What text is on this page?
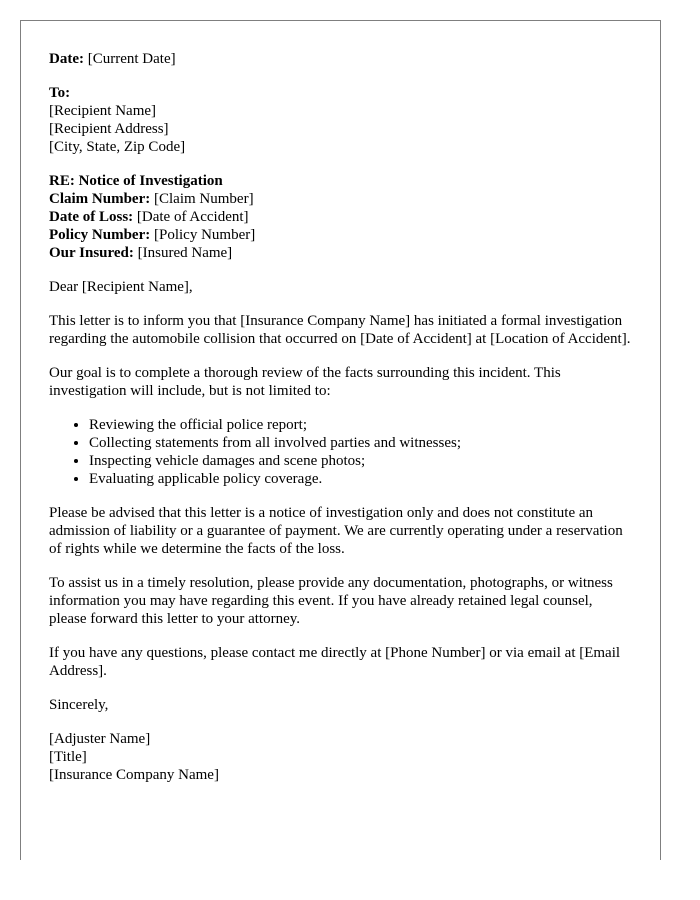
Date: [Current Date]
To:
[Recipient Name]
[Recipient Address]
[City, State, Zip Code]
RE: Notice of Investigation
Claim Number: [Claim Number]
Date of Loss: [Date of Accident]
Policy Number: [Policy Number]
Our Insured: [Insured Name]

Dear [Recipient Name],

This letter is to inform you that [Insurance Company Name] has initiated a formal investigation regarding the automobile collision that occurred on [Date of Accident] at [Location of Accident].

Our goal is to complete a thorough review of the facts surrounding this incident. This investigation will include, but is not limited to:

• Reviewing the official police report;
• Collecting statements from all involved parties and witnesses;
• Inspecting vehicle damages and scene photos;
• Evaluating applicable policy coverage.

Please be advised that this letter is a notice of investigation only and does not constitute an admission of liability or a guarantee of payment. We are currently operating under a reservation of rights while we determine the facts of the loss.

To assist us in a timely resolution, please provide any documentation, photographs, or witness information you may have regarding this event. If you have already retained legal counsel, please forward this letter to your attorney.

If you have any questions, please contact me directly at [Phone Number] or via email at [Email Address].

Sincerely,

[Adjuster Name]
[Title]
[Insurance Company Name]
